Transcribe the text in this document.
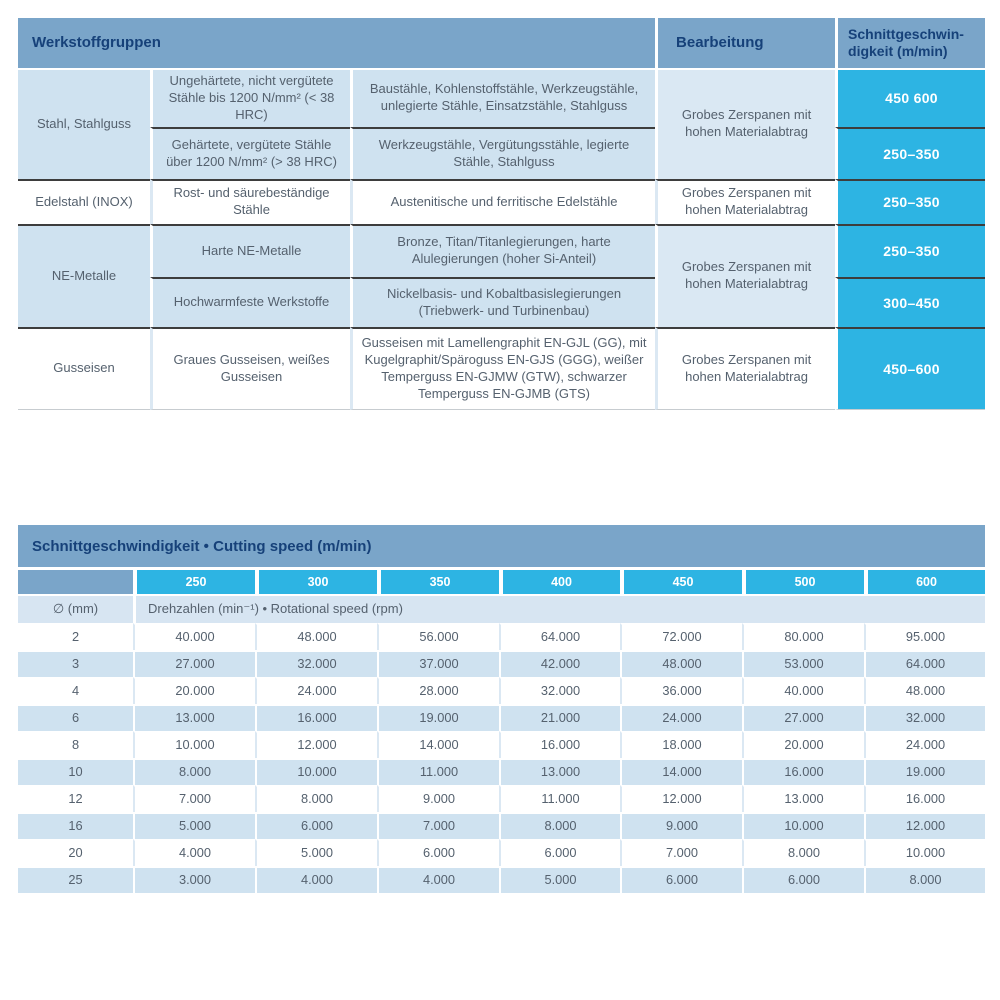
Werkstoffgruppen			Bearbeitung	Schnittgeschwin-digkeit (m/min)
Stahl, Stahlguss	Ungehärtete, nicht vergütete Stähle bis 1200 N/mm² (< 38 HRC)	Baustähle, Kohlenstoffstähle, Werkzeugstähle, unlegierte Stähle, Einsatzstähle, Stahlguss	Grobes Zerspanen mit hohen Materialabtrag	450 600
	Gehärtete, vergütete Stähle über 1200 N/mm² (> 38 HRC)	Werkzeugstähle, Vergütungsstähle, legierte Stähle, Stahlguss		250–350
Edelstahl (INOX)	Rost- und säurebeständige Stähle	Austenitische und ferritische Edelstähle	Grobes Zerspanen mit hohen Materialabtrag	250–350
NE-Metalle	Harte NE-Metalle	Bronze, Titan/Titanlegierungen, harte Alulegierungen (hoher Si-Anteil)	Grobes Zerspanen mit hohen Materialabtrag	250–350
	Hochwarmfeste Werkstoffe	Nickelbasis- und Kobaltbasislegierungen (Triebwerk- und Turbinenbau)		300–450
Gusseisen	Graues Gusseisen, weißes Gusseisen	Gusseisen mit Lamellengraphit EN-GJL (GG), mit Kugelgraphit/Späroguss EN-GJS (GGG), weißer Temperguss EN-GJMW (GTW), schwarzer Temperguss EN-GJMB (GTS)	Grobes Zerspanen mit hohen Materialabtrag	450–600
Schnittgeschwindigkeit • Cutting speed (m/min)
	250	300	350	400	450	500	600
∅ (mm)	Drehzahlen (min⁻¹) • Rotational speed (rpm)						
2	40.000	48.000	56.000	64.000	72.000	80.000	95.000
3	27.000	32.000	37.000	42.000	48.000	53.000	64.000
4	20.000	24.000	28.000	32.000	36.000	40.000	48.000
6	13.000	16.000	19.000	21.000	24.000	27.000	32.000
8	10.000	12.000	14.000	16.000	18.000	20.000	24.000
10	8.000	10.000	11.000	13.000	14.000	16.000	19.000
12	7.000	8.000	9.000	11.000	12.000	13.000	16.000
16	5.000	6.000	7.000	8.000	9.000	10.000	12.000
20	4.000	5.000	6.000	6.000	7.000	8.000	10.000
25	3.000	4.000	4.000	5.000	6.000	6.000	8.000
